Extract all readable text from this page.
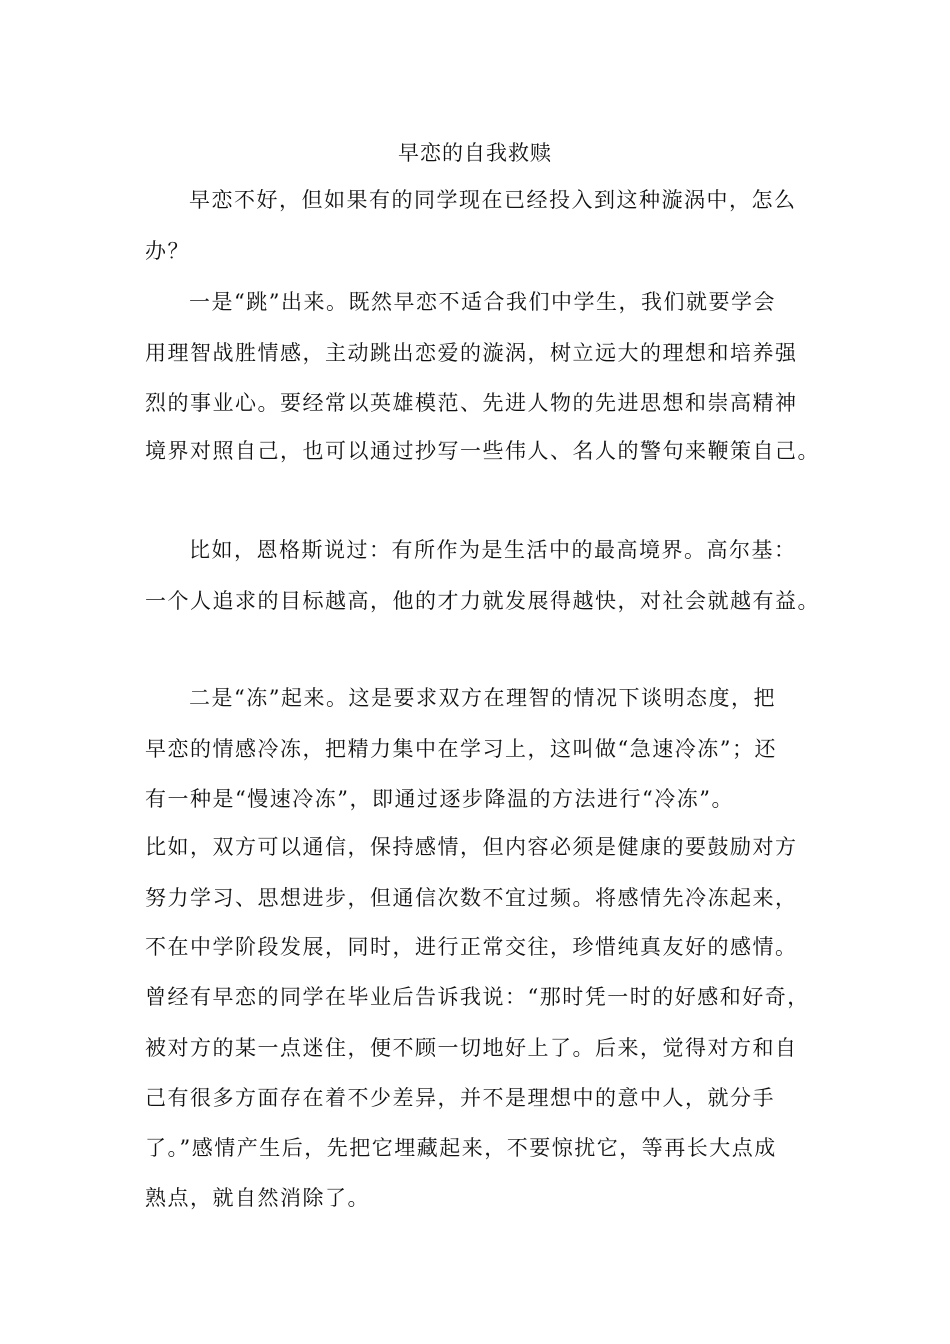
早恋的自我救赎
早恋不好，但如果有的同学现在已经投入到这种漩涡中，怎么
办？
一是“跳”出来。既然早恋不适合我们中学生，我们就要学会
用理智战胜情感，主动跳出恋爱的漩涡，树立远大的理想和培养强
烈的事业心。要经常以英雄模范、先进人物的先进思想和崇高精神
境界对照自己，也可以通过抄写一些伟人、名人的警句来鞭策自己。
比如，恩格斯说过：有所作为是生活中的最高境界。高尔基：
一个人追求的目标越高，他的才力就发展得越快，对社会就越有益。
二是“冻”起来。这是要求双方在理智的情况下谈明态度，把
早恋的情感冷冻，把精力集中在学习上，这叫做“急速冷冻”；还
有一种是“慢速冷冻”，即通过逐步降温的方法进行“冷冻”。
比如，双方可以通信，保持感情，但内容必须是健康的要鼓励对方
努力学习、思想进步，但通信次数不宜过频。将感情先冷冻起来，
不在中学阶段发展，同时，进行正常交往，珍惜纯真友好的感情。
曾经有早恋的同学在毕业后告诉我说：“那时凭一时的好感和好奇，
被对方的某一点迷住，便不顾一切地好上了。后来，觉得对方和自
己有很多方面存在着不少差异，并不是理想中的意中人，就分手
了。”感情产生后，先把它埋藏起来，不要惊扰它，等再长大点成
熟点，就自然消除了。
